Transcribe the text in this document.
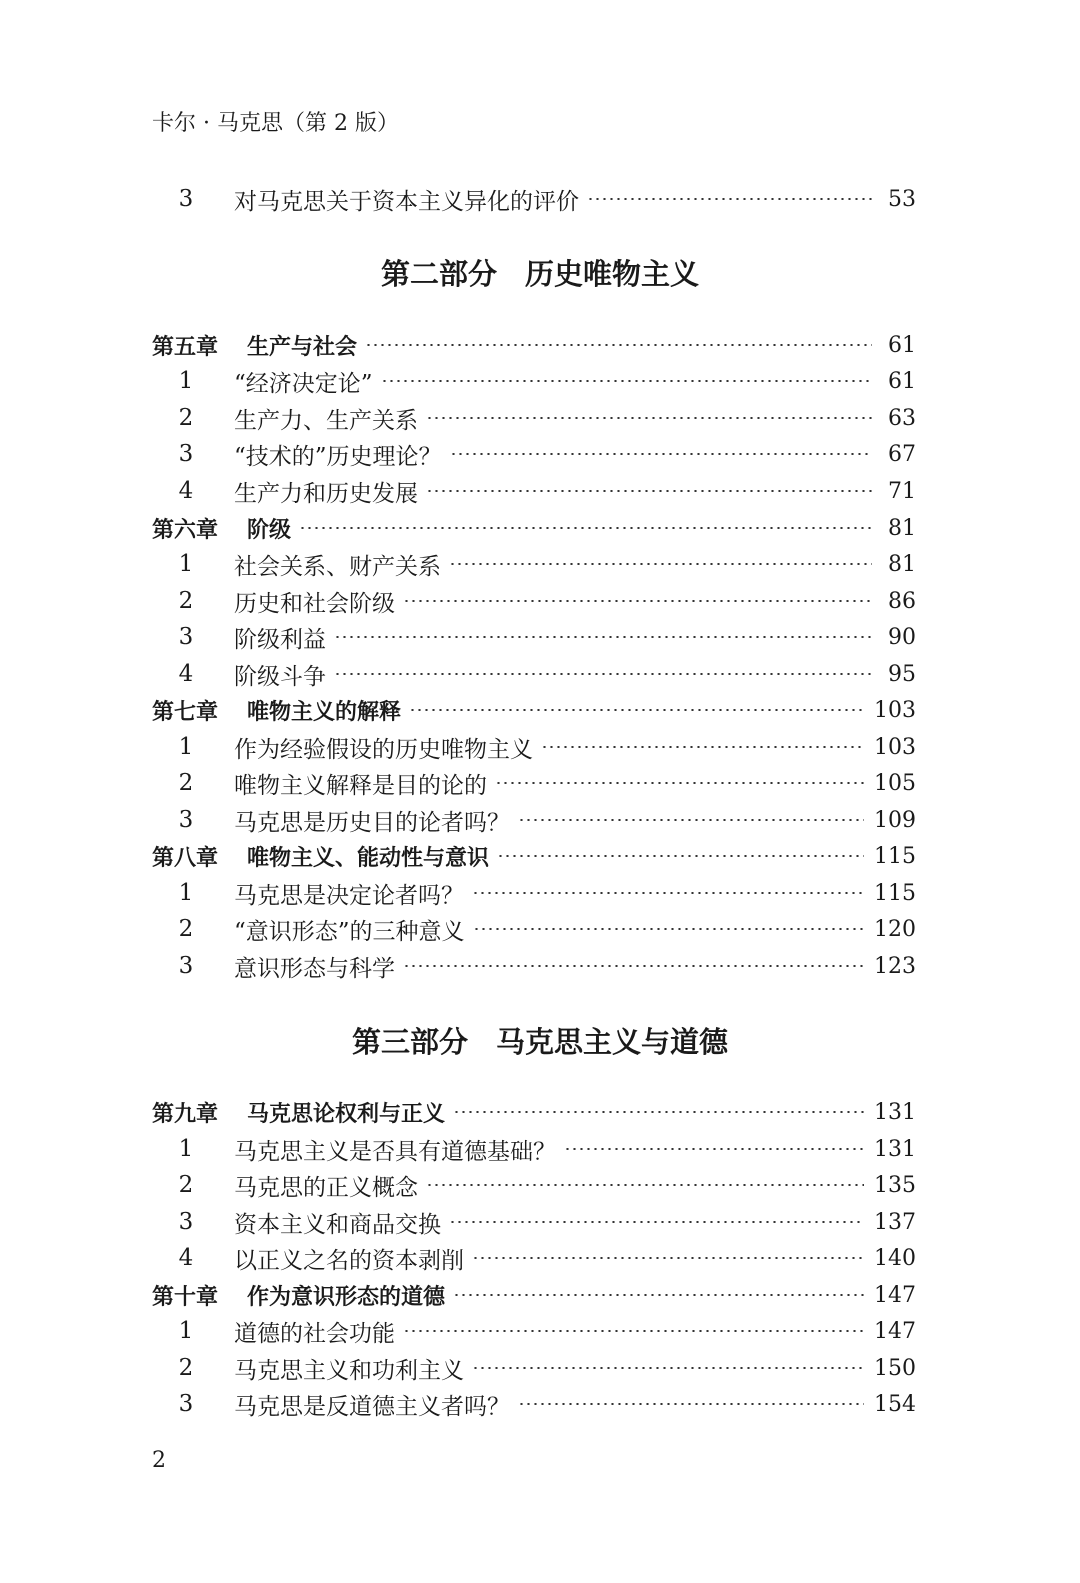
卡尔 · 马克思（第 2 版）
3	对马克思关于资本主义异化的评价	53
第二部分 历史唯物主义
第五章	生产与社会	61
1	“经济决定论”	61
2	生产力、生产关系	63
3	“技术的”历史理论？	67
4	生产力和历史发展	71
第六章	阶级	81
1	社会关系、财产关系	81
2	历史和社会阶级	86
3	阶级利益	90
4	阶级斗争	95
第七章	唯物主义的解释	103
1	作为经验假设的历史唯物主义	103
2	唯物主义解释是目的论的	105
3	马克思是历史目的论者吗？	109
第八章	唯物主义、能动性与意识	115
1	马克思是决定论者吗？	115
2	“意识形态”的三种意义	120
3	意识形态与科学	123
第三部分 马克思主义与道德
第九章	马克思论权利与正义	131
1	马克思主义是否具有道德基础？	131
2	马克思的正义概念	135
3	资本主义和商品交换	137
4	以正义之名的资本剥削	140
第十章	作为意识形态的道德	147
1	道德的社会功能	147
2	马克思主义和功利主义	150
3	马克思是反道德主义者吗？	154
2
